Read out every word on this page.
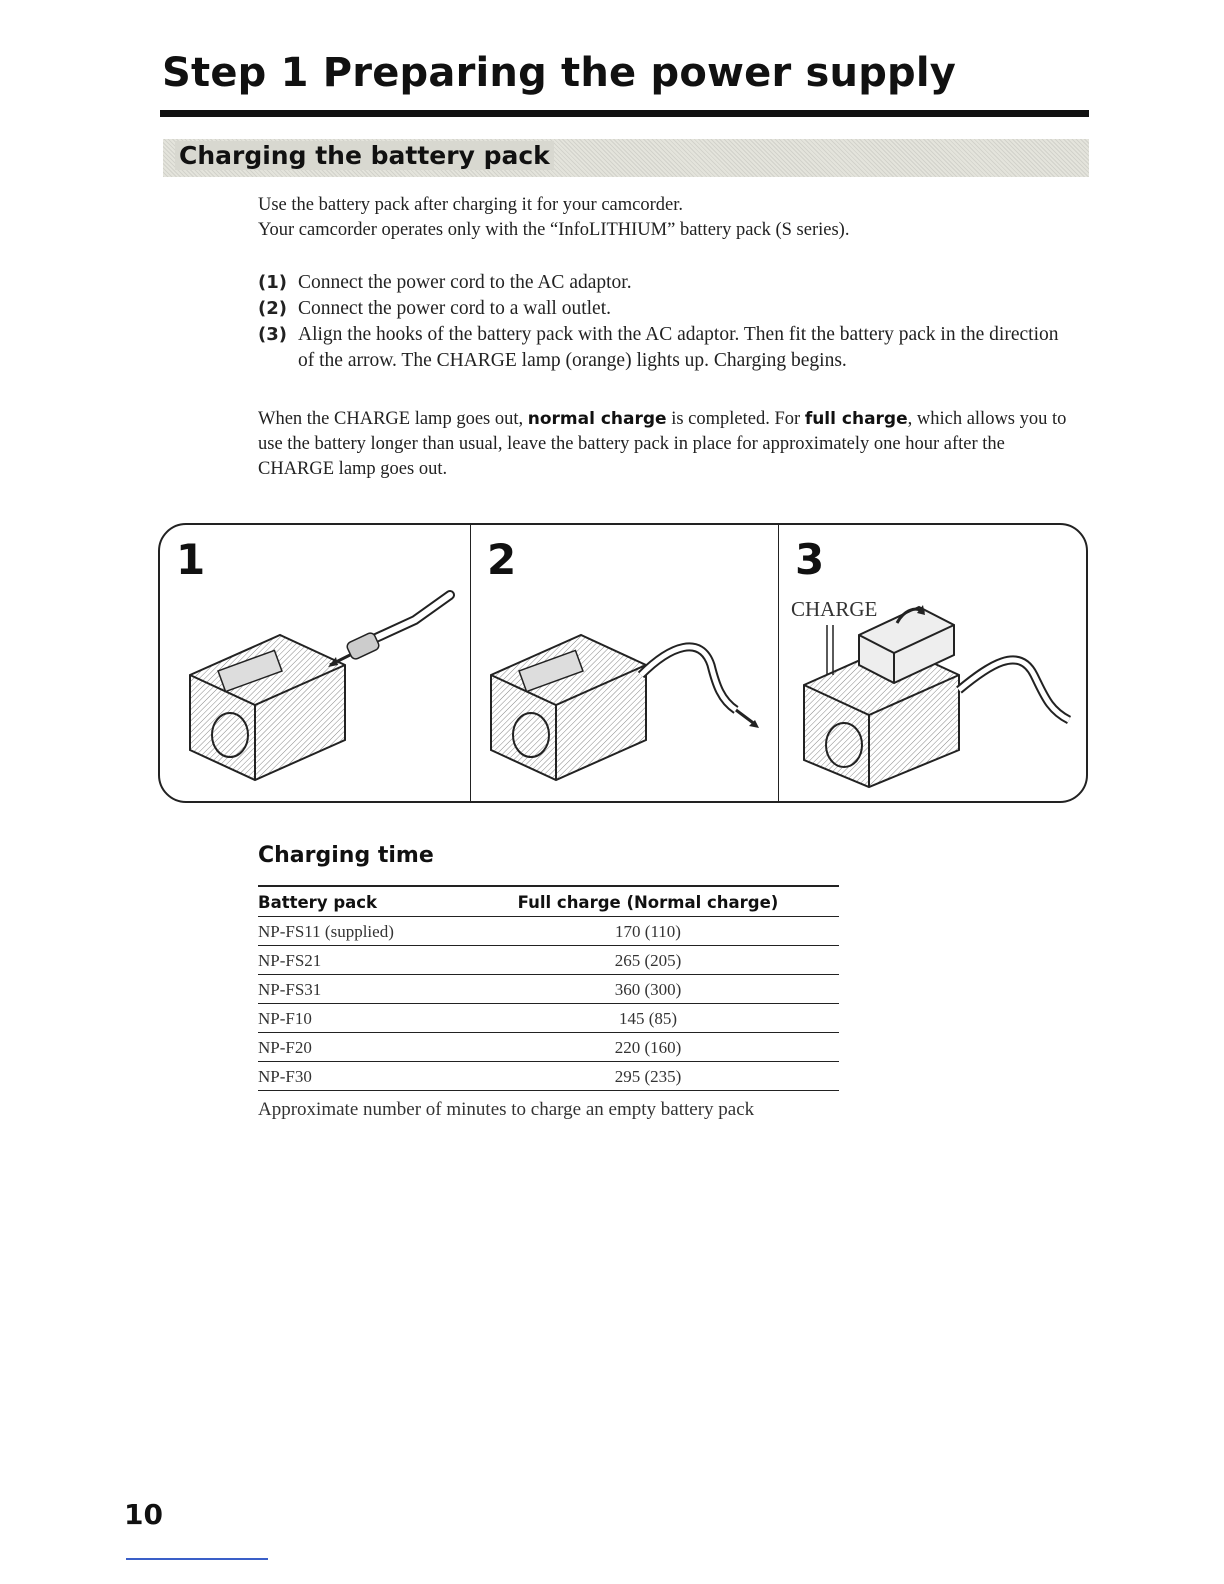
Step 1 Preparing the power supply
Charging the battery pack

Use the battery pack after charging it for your camcorder.

Your camcorder operates only with the “InfoLITHIUM” battery pack (S series).

(1) Connect the power cord to the AC adaptor.
(2) Connect the power cord to a wall outlet.
(3) Align the hooks of the battery pack with the AC adaptor. Then fit the battery pack in the direction of the arrow. The CHARGE lamp (orange) lights up. Charging begins.

When the CHARGE lamp goes out, normal charge is completed. For full charge, which allows you to use the battery longer than usual, leave the battery pack in place for approximately one hour after the CHARGE lamp goes out.

1	2	3
CHARGE
Charging time
Battery pack	Full charge (Normal charge)
NP-FS11 (supplied)	170 (110)
NP-FS21	265 (205)
NP-FS31	360 (300)
NP-F10	145 (85)
NP-F20	220 (160)
NP-F30	295 (235)

Approximate number of minutes to charge an empty battery pack

10
